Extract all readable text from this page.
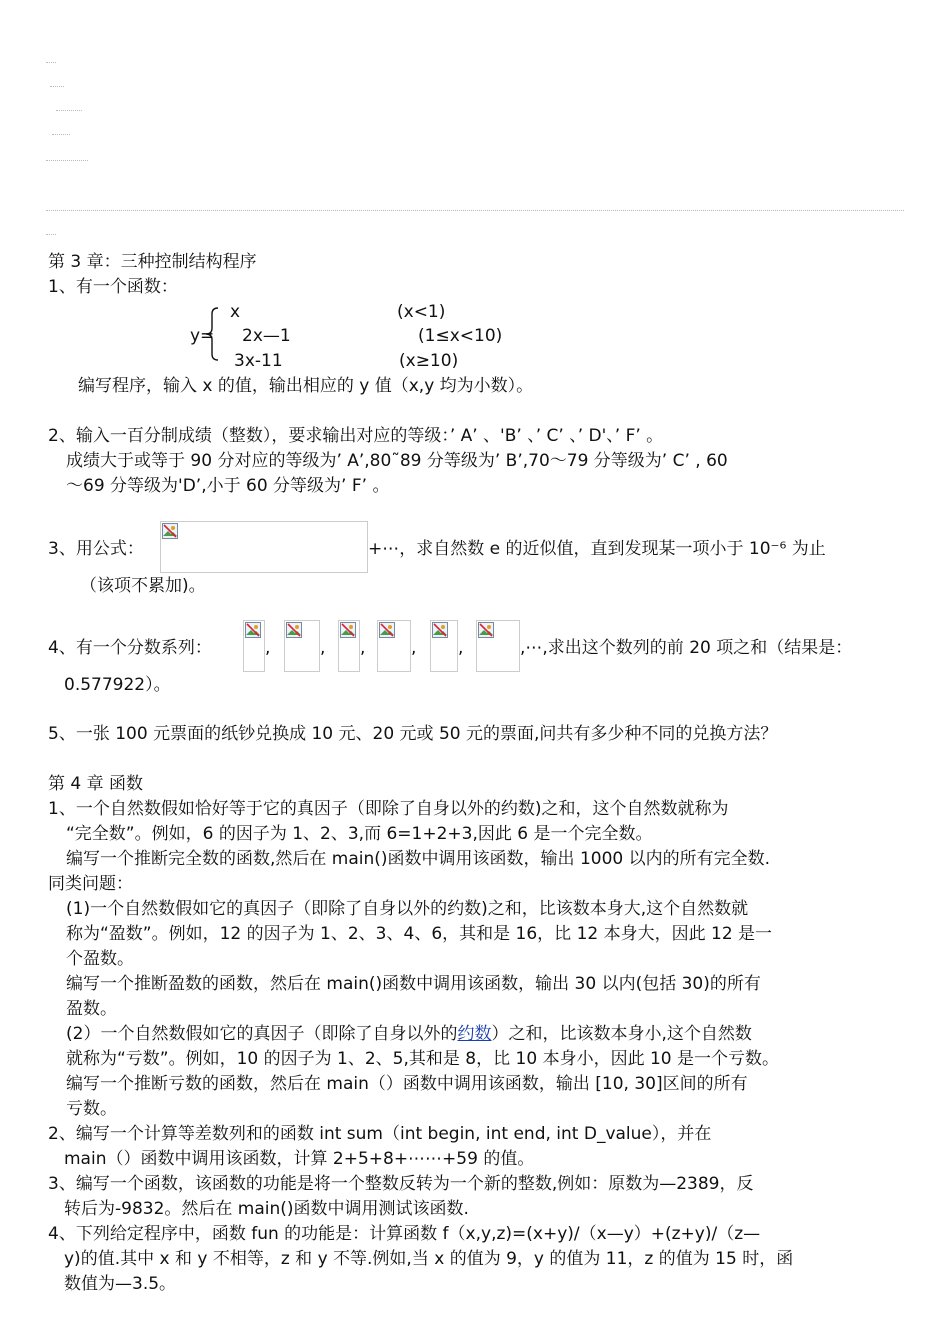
第 3 章：三种控制结构程序
1、有一个函数：
y=
x	(x<1)
2x—1	(1≤x<10)
3x-11	(x≥10)
编写程序，输入 x 的值，输出相应的 y 值（x,y 均为小数）。
2、输入一百分制成绩（整数），要求输出对应的等级：’ A’ 、'B’ 、’ C’ 、’ D'、’ F’ 。
成绩大于或等于 90 分对应的等级为’ A’,80˜89 分等级为’ B’,70～79 分等级为’ C’ , 60
～69 分等级为'D’,小于 60 分等级为’ F’ 。
3、用公式：	+⋯，求自然数 e 的近似值，直到发现某一项小于 10⁻⁶ 为止
（该项不累加)。
4、有一个分数系列：	,	, ,	, ,	,⋯,求出这个数列的前 20 项之和（结果是：
0.577922）。
5、一张 100 元票面的纸钞兑换成 10 元、20 元或 50 元的票面,问共有多少种不同的兑换方法？
第 4 章 函数
1、一个自然数假如恰好等于它的真因子（即除了自身以外的约数)之和，这个自然数就称为
“完全数”。例如，6 的因子为 1、2、3,而 6=1+2+3,因此 6 是一个完全数。
编写一个推断完全数的函数,然后在 main()函数中调用该函数，输出 1000 以内的所有完全数.
同类问题：
(1)一个自然数假如它的真因子（即除了自身以外的约数)之和，比该数本身大,这个自然数就
称为“盈数”。例如，12 的因子为 1、2、3、4、6，其和是 16，比 12 本身大，因此 12 是一
个盈数。
编写一个推断盈数的函数，然后在 main()函数中调用该函数，输出 30 以内(包括 30)的所有
盈数。
(2）一个自然数假如它的真因子（即除了自身以外的约数）之和，比该数本身小,这个自然数
就称为“亏数”。例如，10 的因子为 1、2、5,其和是 8，比 10 本身小，因此 10 是一个亏数。
编写一个推断亏数的函数，然后在 main（）函数中调用该函数，输出 [10, 30]区间的所有
亏数。
2、编写一个计算等差数列和的函数 int sum（int begin, int end, int D_value），并在
main（）函数中调用该函数，计算 2+5+8+⋯⋯+59 的值。
3、编写一个函数，该函数的功能是将一个整数反转为一个新的整数,例如：原数为—2389，反
转后为-9832。然后在 main()函数中调用测试该函数.
4、下列给定程序中，函数 fun 的功能是：计算函数 f（x,y,z)=(x+y)/（x—y）+(z+y)/（z—
y)的值.其中 x 和 y 不相等，z 和 y 不等.例如,当 x 的值为 9，y 的值为 11，z 的值为 15 时，函
数值为—3.5。
